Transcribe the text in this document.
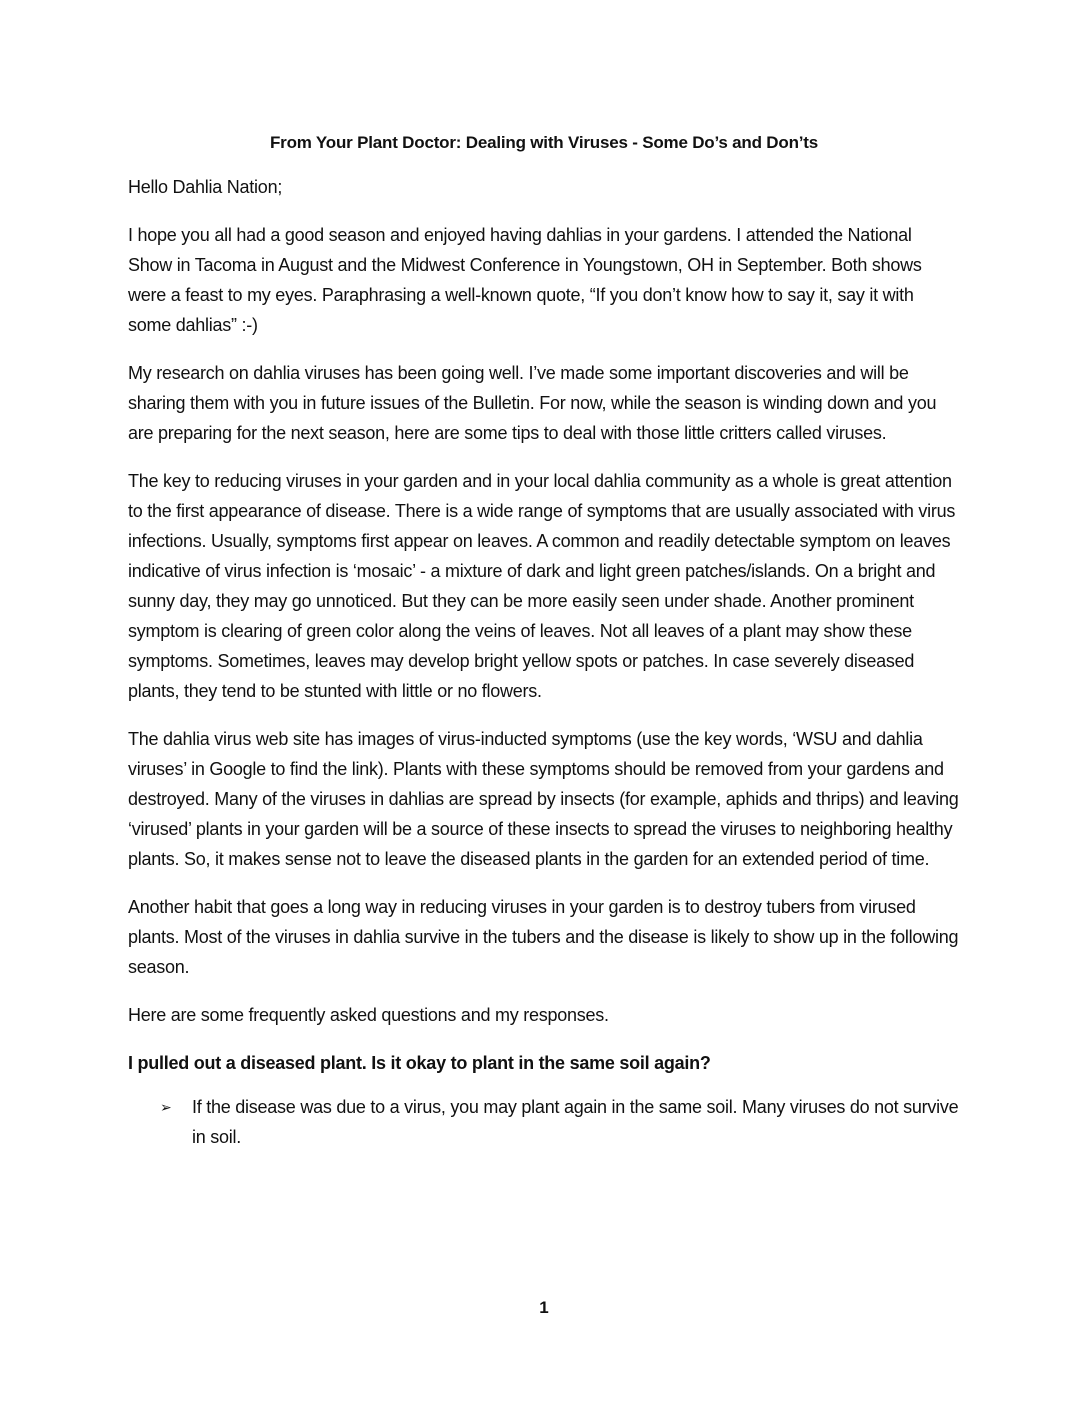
From Your Plant Doctor: Dealing with Viruses - Some Do’s and Don’ts

Hello Dahlia Nation;

I hope you all had a good season and enjoyed having dahlias in your gardens. I attended the National Show in Tacoma in August and the Midwest Conference in Youngstown, OH in September. Both shows were a feast to my eyes. Paraphrasing a well-known quote, “If you don’t know how to say it, say it with some dahlias” :-)

My research on dahlia viruses has been going well. I’ve made some important discoveries and will be sharing them with you in future issues of the Bulletin. For now, while the season is winding down and you are preparing for the next season, here are some tips to deal with those little critters called viruses.

The key to reducing viruses in your garden and in your local dahlia community as a whole is great attention to the first appearance of disease. There is a wide range of symptoms that are usually associated with virus infections. Usually, symptoms first appear on leaves. A common and readily detectable symptom on leaves indicative of virus infection is ‘mosaic’ - a mixture of dark and light green patches/islands. On a bright and sunny day, they may go unnoticed. But they can be more easily seen under shade. Another prominent symptom is clearing of green color along the veins of leaves. Not all leaves of a plant may show these symptoms. Sometimes, leaves may develop bright yellow spots or patches. In case severely diseased plants, they tend to be stunted with little or no flowers.

The dahlia virus web site has images of virus-inducted symptoms (use the key words, ‘WSU and dahlia viruses’ in Google to find the link). Plants with these symptoms should be removed from your gardens and destroyed. Many of the viruses in dahlias are spread by insects (for example, aphids and thrips) and leaving ‘virused’ plants in your garden will be a source of these insects to spread the viruses to neighboring healthy plants. So, it makes sense not to leave the diseased plants in the garden for an extended period of time.

Another habit that goes a long way in reducing viruses in your garden is to destroy tubers from virused plants. Most of the viruses in dahlia survive in the tubers and the disease is likely to show up in the following season.

Here are some frequently asked questions and my responses.

I pulled out a diseased plant. Is it okay to plant in the same soil again?

➢ If the disease was due to a virus, you may plant again in the same soil. Many viruses do not survive in soil.
1
